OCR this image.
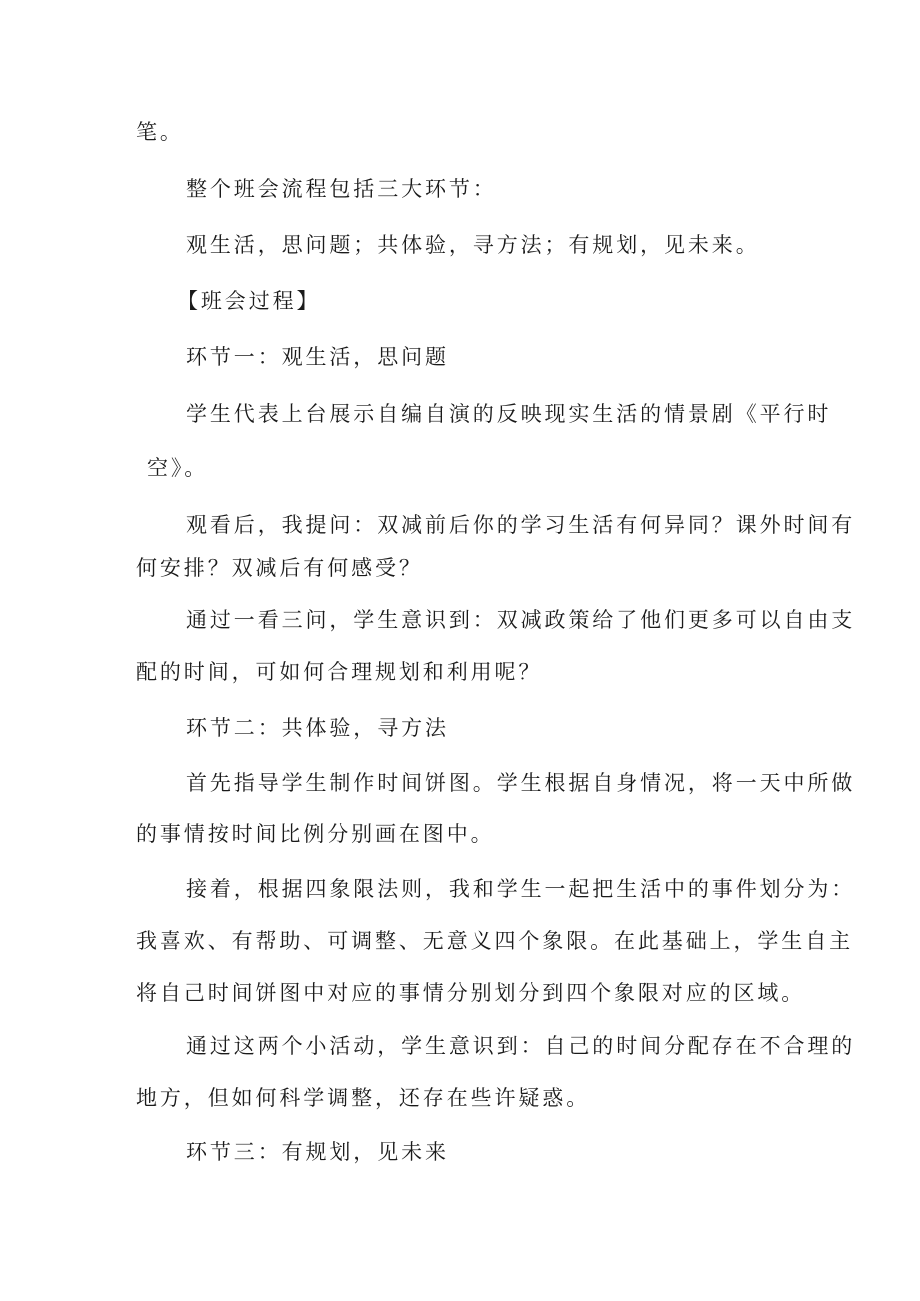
笔。
整个班会流程包括三大环节：
观生活，思问题；共体验，寻方法；有规划，见未来。
【班会过程】
环节一：观生活，思问题
学生代表上台展示自编自演的反映现实生活的情景剧《平行时
空》。
观看后，我提问：双减前后你的学习生活有何异同？课外时间有
何安排？双减后有何感受？
通过一看三问，学生意识到：双减政策给了他们更多可以自由支
配的时间，可如何合理规划和利用呢？
环节二：共体验，寻方法
首先指导学生制作时间饼图。学生根据自身情况，将一天中所做
的事情按时间比例分别画在图中。
接着，根据四象限法则，我和学生一起把生活中的事件划分为：
我喜欢、有帮助、可调整、无意义四个象限。在此基础上，学生自主
将自己时间饼图中对应的事情分别划分到四个象限对应的区域。
通过这两个小活动，学生意识到：自己的时间分配存在不合理的
地方，但如何科学调整，还存在些许疑惑。
环节三：有规划，见未来
